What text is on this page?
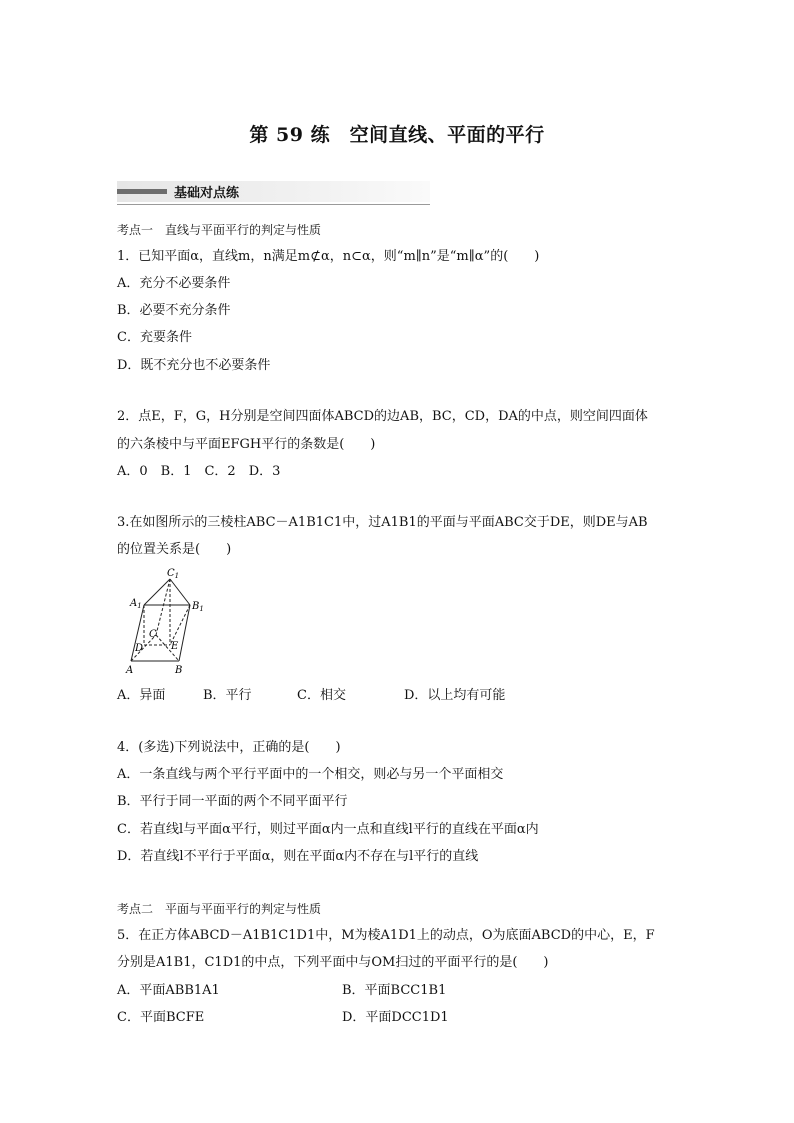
第 59 练　空间直线、平面的平行
基础对点练
考点一　直线与平面平行的判定与性质
1．已知平面α，直线m，n满足m⊄α，n⊂α，则“m∥n”是“m∥α”的(　　)
A．充分不必要条件
B．必要不充分条件
C．充要条件
D．既不充分也不必要条件
2．点E，F，G，H分别是空间四面体ABCD的边AB，BC，CD，DA的中点，则空间四面体
的六条棱中与平面EFGH平行的条数是(　　)
A．0　B．1　C．2　D．3
3.在如图所示的三棱柱ABC－A1B1C1中，过A1B1的平面与平面ABC交于DE，则DE与AB
的位置关系是(　　)
$C_1$
$A_1$	$B_1$
C
D	E
A	B
A．异面	B．平行	C．相交	D．以上均有可能
4．(多选)下列说法中，正确的是(　　)
A．一条直线与两个平行平面中的一个相交，则必与另一个平面相交
B．平行于同一平面的两个不同平面平行
C．若直线l与平面α平行，则过平面α内一点和直线l平行的直线在平面α内
D．若直线l不平行于平面α，则在平面α内不存在与l平行的直线
考点二　平面与平面平行的判定与性质
5．在正方体ABCD－A1B1C1D1中，M为棱A1D1上的动点，O为底面ABCD的中心，E，F
分别是A1B1，C1D1的中点，下列平面中与OM扫过的平面平行的是(　　)
A．平面ABB1A1	B．平面BCC1B1
C．平面BCFE	D．平面DCC1D1
